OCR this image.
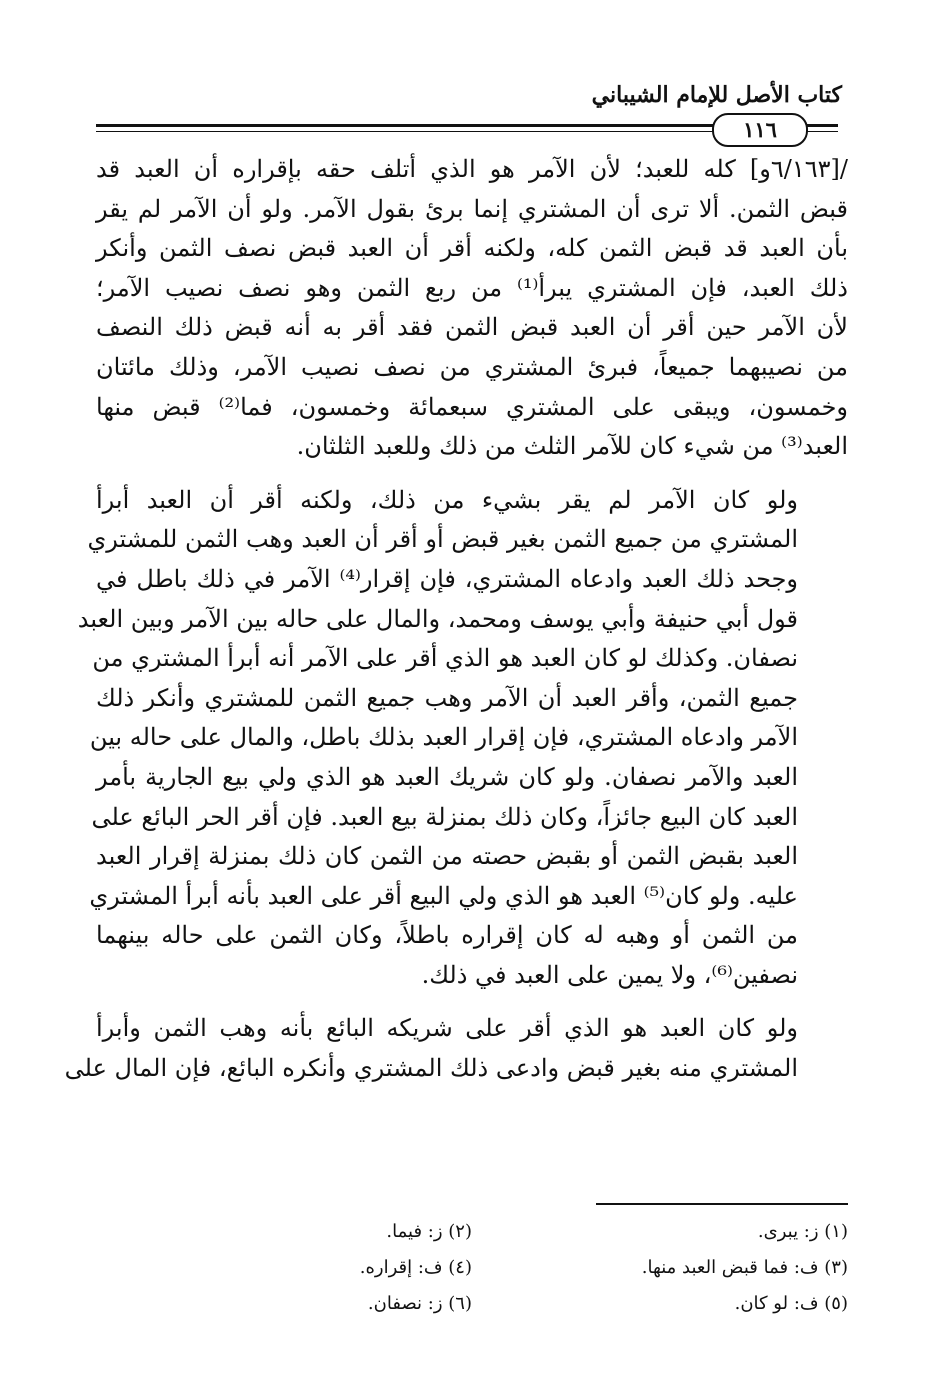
كتاب الأصل للإمام الشيباني
١١٦
/[٦/١٦٣و] كله للعبد؛ لأن الآمر هو الذي أتلف حقه بإقراره أن العبد قد
قبض الثمن. ألا ترى أن المشتري إنما برئ بقول الآمر. ولو أن الآمر لم يقر
بأن العبد قد قبض الثمن كله، ولكنه أقر أن العبد قبض نصف الثمن وأنكر
ذلك العبد، فإن المشتري يبرأ⁽¹⁾ من ربع الثمن وهو نصف نصيب الآمر؛
لأن الآمر حين أقر أن العبد قبض الثمن فقد أقر به أنه قبض ذلك النصف
من نصيبهما جميعاً، فبرئ المشتري من نصف نصيب الآمر، وذلك مائتان
وخمسون، ويبقى على المشتري سبعمائة وخمسون، فما⁽²⁾ قبض منها
العبد⁽³⁾ من شيء كان للآمر الثلث من ذلك وللعبد الثلثان.
ولو كان الآمر لم يقر بشيء من ذلك، ولكنه أقر أن العبد أبرأ
المشتري من جميع الثمن بغير قبض أو أقر أن العبد وهب الثمن للمشتري
وجحد ذلك العبد وادعاه المشتري، فإن إقرار⁽⁴⁾ الآمر في ذلك باطل في
قول أبي حنيفة وأبي يوسف ومحمد، والمال على حاله بين الآمر وبين العبد
نصفان. وكذلك لو كان العبد هو الذي أقر على الآمر أنه أبرأ المشتري من
جميع الثمن، وأقر العبد أن الآمر وهب جميع الثمن للمشتري وأنكر ذلك
الآمر وادعاه المشتري، فإن إقرار العبد بذلك باطل، والمال على حاله بين
العبد والآمر نصفان. ولو كان شريك العبد هو الذي ولي بيع الجارية بأمر
العبد كان البيع جائزاً، وكان ذلك بمنزلة بيع العبد. فإن أقر الحر البائع على
العبد بقبض الثمن أو بقبض حصته من الثمن كان ذلك بمنزلة إقرار العبد
عليه. ولو كان⁽⁵⁾ العبد هو الذي ولي البيع أقر على العبد بأنه أبرأ المشتري
من الثمن أو وهبه له كان إقراره باطلاً، وكان الثمن على حاله بينهما
نصفين⁽⁶⁾، ولا يمين على العبد في ذلك.
ولو كان العبد هو الذي أقر على شريكه البائع بأنه وهب الثمن وأبرأ
المشتري منه بغير قبض وادعى ذلك المشتري وأنكره البائع، فإن المال على
(١) ز: يبرى.
(٢) ز: فيما.
(٣) ف: فما قبض العبد منها.
(٤) ف: إقراره.
(٥) ف: لو كان.
(٦) ز: نصفان.
